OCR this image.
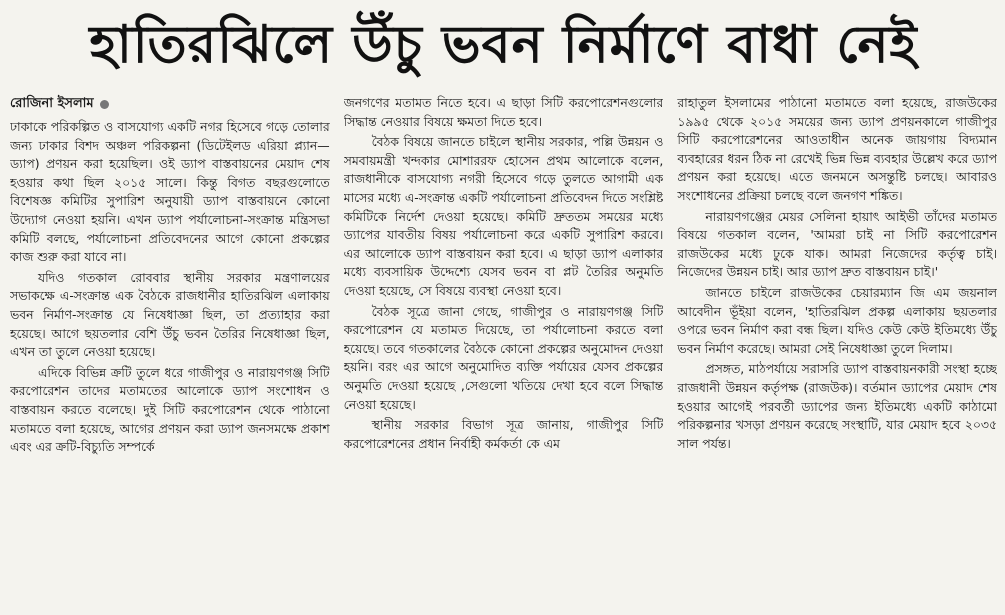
হাতিরঝিলে উঁচু ভবন নির্মাণে বাধা নেই
রোজিনা ইসলাম

ঢাকাকে পরিকল্পিত ও বাসযোগ্য একটি নগর হিসেবে গড়ে তোলার জন্য ঢাকার বিশদ অঞ্চল পরিকল্পনা (ডিটেইলড এরিয়া প্ল্যান—ড্যাপ) প্রণয়ন করা হয়েছিল। ওই ড্যাপ বাস্তবায়নের মেয়াদ শেষ হওয়ার কথা ছিল ২০১৫ সালে। কিন্তু বিগত বছরগুলোতে বিশেষজ্ঞ কমিটির সুপারিশ অনুযায়ী ড্যাপ বাস্তবায়নে কোনো উদ্যোগ নেওয়া হয়নি। এখন ড্যাপ পর্যালোচনা-সংক্রান্ত মন্ত্রিসভা কমিটি বলছে, পর্যালোচনা প্রতিবেদনের আগে কোনো প্রকল্পের কাজ শুরু করা যাবে না।

যদিও গতকাল রোববার স্থানীয় সরকার মন্ত্রণালয়ের সভাকক্ষে এ-সংক্রান্ত এক বৈঠকে রাজধানীর হাতিরঝিল এলাকায় ভবন নির্মাণ-সংক্রান্ত যে নিষেধাজ্ঞা ছিল, তা প্রত্যাহার করা হয়েছে। আগে ছয়তলার বেশি উঁচু ভবন তৈরির নিষেধাজ্ঞা ছিল, এখন তা তুলে নেওয়া হয়েছে।

এদিকে বিভিন্ন ক্রটি তুলে ধরে গাজীপুর ও নারায়ণগঞ্জ সিটি করপোরেশন তাদের মতামতের আলোকে ড্যাপ সংশোধন ও বাস্তবায়ন করতে বলেছে। দুই সিটি করপোরেশন থেকে পাঠানো মতামতে বলা হয়েছে, আগের প্রণয়ন করা ড্যাপ জনসমক্ষে প্রকাশ এবং এর ক্রটি-বিচ্যুতি সম্পর্কে

জনগণের মতামত নিতে হবে। এ ছাড়া সিটি করপোরেশনগুলোর সিদ্ধান্ত নেওয়ার বিষয়ে ক্ষমতা দিতে হবে।

বৈঠক বিষয়ে জানতে চাইলে স্থানীয় সরকার, পল্লি উন্নয়ন ও সমবায়মন্ত্রী খন্দকার মোশাররফ হোসেন প্রথম আলোকে বলেন, রাজধানীকে বাসযোগ্য নগরী হিসেবে গড়ে তুলতে আগামী এক মাসের মধ্যে এ-সংক্রান্ত একটি পর্যালোচনা প্রতিবেদন দিতে সংশ্লিষ্ট কমিটিকে নির্দেশ দেওয়া হয়েছে। কমিটি দ্রুততম সময়ের মধ্যে ড্যাপের যাবতীয় বিষয় পর্যালোচনা করে একটি সুপারিশ করবে। এর আলোকে ড্যাপ বাস্তবায়ন করা হবে। এ ছাড়া ড্যাপ এলাকার মধ্যে ব্যবসায়িক উদ্দেশ্যে যেসব ভবন বা প্লট তৈরির অনুমতি দেওয়া হয়েছে, সে বিষয়ে ব্যবস্থা নেওয়া হবে।

বৈঠক সূত্রে জানা গেছে, গাজীপুর ও নারায়ণগঞ্জ সিটি করপোরেশন যে মতামত দিয়েছে, তা পর্যালোচনা করতে বলা হয়েছে। তবে গতকালের বৈঠকে কোনো প্রকল্পের অনুমোদন দেওয়া হয়নি। বরং এর আগে অনুমোদিত ব্যক্তি পর্যায়ের যেসব প্রকল্পের অনুমতি দেওয়া হয়েছে ,সেগুলো খতিয়ে দেখা হবে বলে সিদ্ধান্ত নেওয়া হয়েছে।

স্থানীয় সরকার বিভাগ সূত্র জানায়, গাজীপুর সিটি করপোরেশনের প্রধান নির্বাহী কর্মকর্তা কে এম

রাহাতুল ইসলামের পাঠানো মতামতে বলা হয়েছে, রাজউকের ১৯৯৫ থেকে ২০১৫ সময়ের জন্য ড্যাপ প্রণয়নকালে গাজীপুর সিটি করপোরেশনের আওতাধীন অনেক জায়গায় বিদ্যমান ব্যবহারের ধরন ঠিক না রেখেই ভিন্ন ভিন্ন ব্যবহার উল্লেখ করে ড্যাপ প্রণয়ন করা হয়েছে। এতে জনমনে অসন্তুষ্টি চলছে। আবারও সংশোধনের প্রক্রিয়া চলছে বলে জনগণ শঙ্কিত।

নারায়ণগঞ্জের মেয়র সেলিনা হায়াৎ আইভী তাঁদের মতামত বিষয়ে গতকাল বলেন, 'আমরা চাই না সিটি করপোরেশন রাজউকের মধ্যে ঢুকে যাক। আমরা নিজেদের কর্তৃত্ব চাই। নিজেদের উন্নয়ন চাই। আর ড্যাপ দ্রুত বাস্তবায়ন চাই।'

জানতে চাইলে রাজউকের চেয়ারম্যান জি এম জয়নাল আবেদীন ভূঁইয়া বলেন, 'হাতিরঝিল প্রকল্প এলাকায় ছয়তলার ওপরে ভবন নির্মাণ করা বন্ধ ছিল। যদিও কেউ কেউ ইতিমধ্যে উঁচু ভবন নির্মাণ করেছে। আমরা সেই নিষেধাজ্ঞা তুলে দিলাম।

প্রসঙ্গত, মাঠপর্যায়ে সরাসরি ড্যাপ বাস্তবায়নকারী সংস্থা হচ্ছে রাজধানী উন্নয়ন কর্তৃপক্ষ (রাজউক)। বর্তমান ড্যাপের মেয়াদ শেষ হওয়ার আগেই পরবর্তী ড্যাপের জন্য ইতিমধ্যে একটি কাঠামো পরিকল্পনার খসড়া প্রণয়ন করেছে সংস্থাটি, যার মেয়াদ হবে ২০৩৫ সাল পর্যন্ত।
